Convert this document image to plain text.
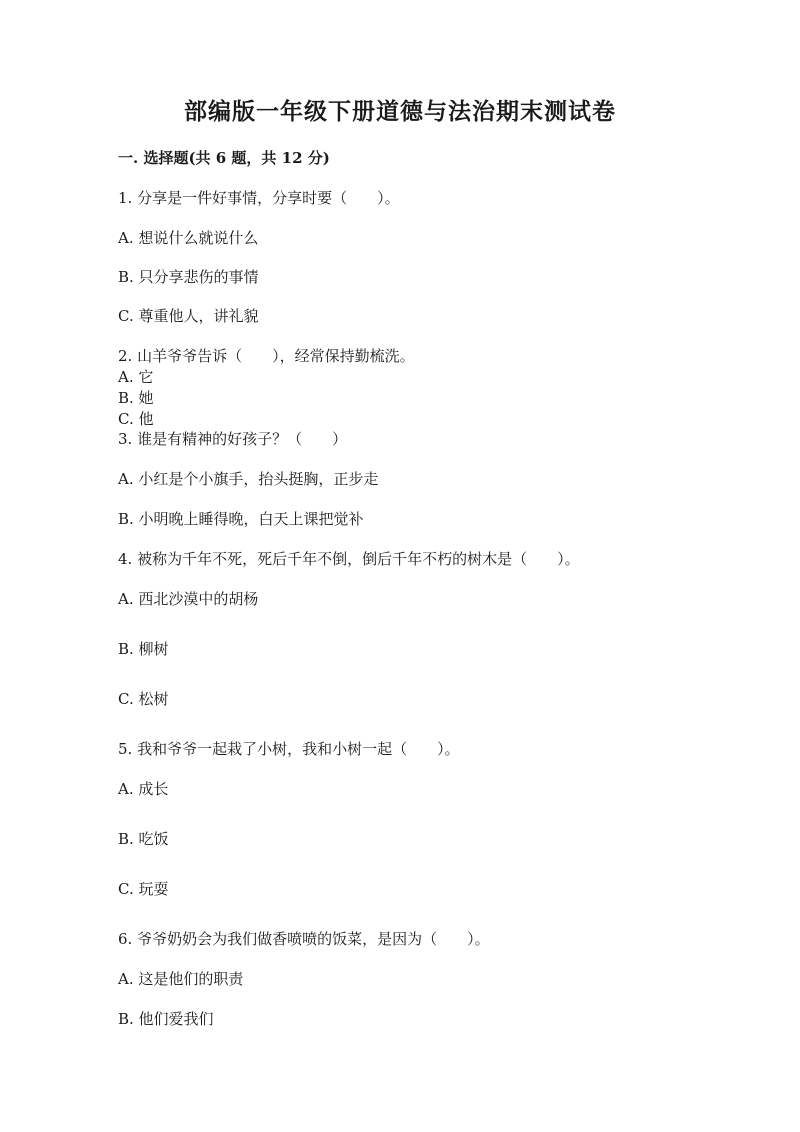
部编版一年级下册道德与法治期末测试卷
一. 选择题(共 6 题，共 12 分)
1. 分享是一件好事情，分享时要（　　）。
A. 想说什么就说什么
B. 只分享悲伤的事情
C. 尊重他人，讲礼貌
2. 山羊爷爷告诉（　　），经常保持勤梳洗。
A. 它
B. 她
C. 他
3. 谁是有精神的好孩子？（　　）
A. 小红是个小旗手，抬头挺胸，正步走
B. 小明晚上睡得晚，白天上课把觉补
4. 被称为千年不死，死后千年不倒，倒后千年不朽的树木是（　　）。
A. 西北沙漠中的胡杨
B. 柳树
C. 松树
5. 我和爷爷一起栽了小树，我和小树一起（　　）。
A. 成长
B. 吃饭
C. 玩耍
6. 爷爷奶奶会为我们做香喷喷的饭菜，是因为（　　）。
A. 这是他们的职责
B. 他们爱我们
